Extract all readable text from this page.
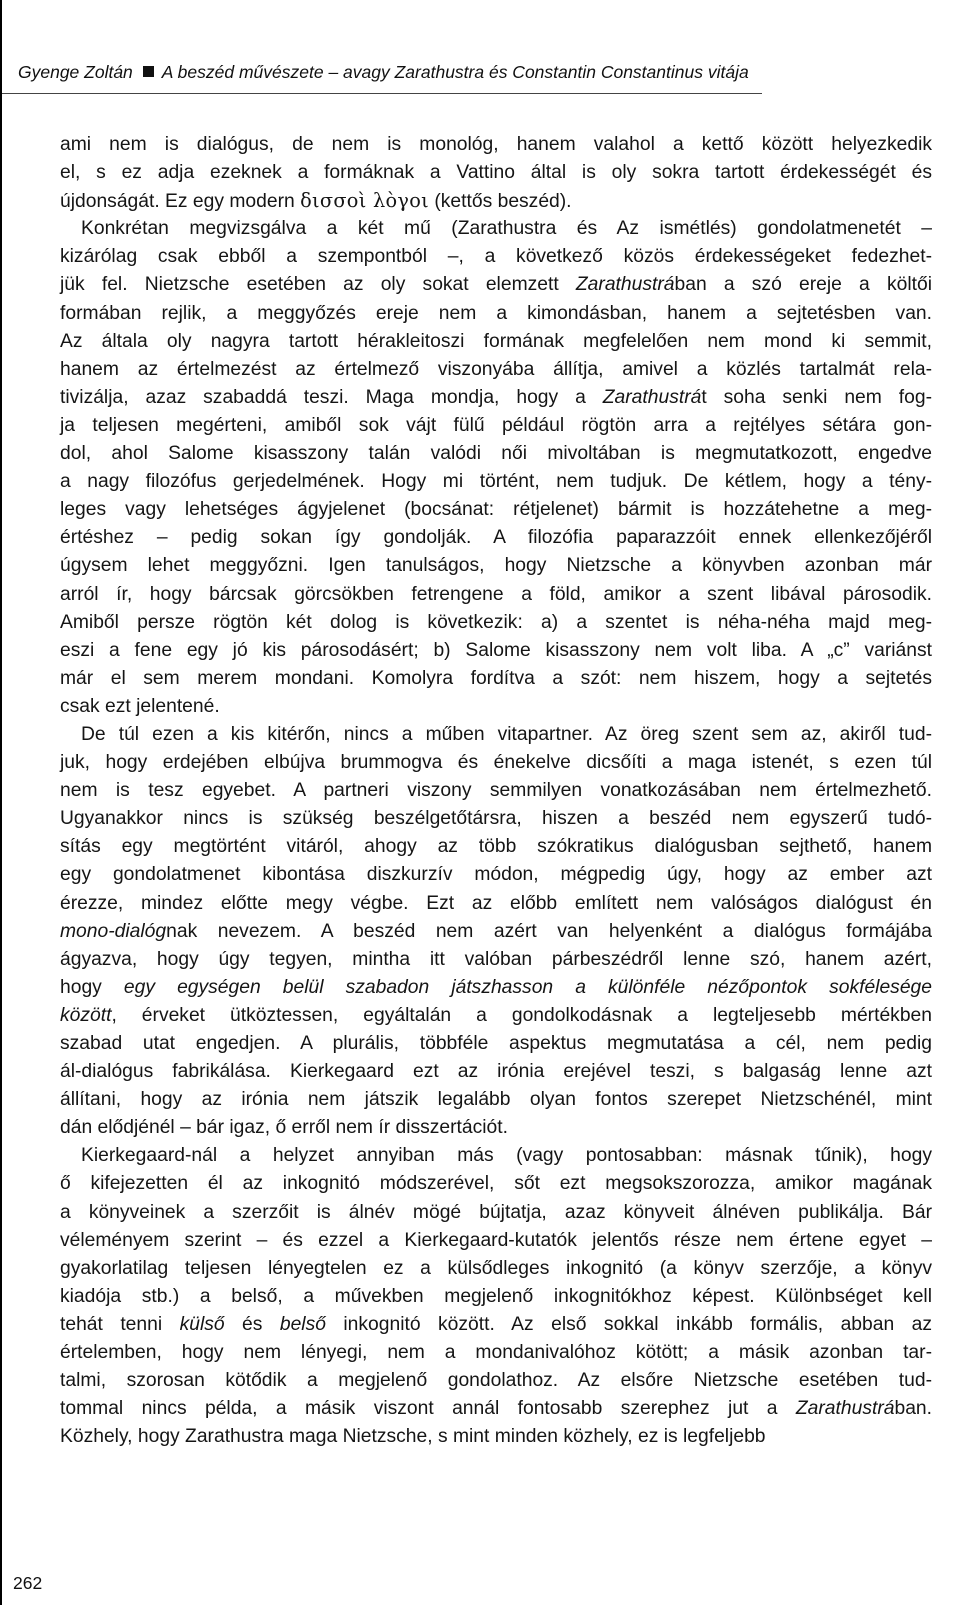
Gyenge Zoltán A beszéd művészete – avagy Zarathustra és Constantin Constantinus vitája
ami nem is dialógus, de nem is monológ, hanem valahol a kettő között helyezkedik
el, s ez adja ezeknek a formáknak a Vattino által is oly sokra tartott érdekességét és
újdonságát. Ez egy modern δισσοὶ λὸγοι (kettős beszéd).
Konkrétan megvizsgálva a két mű (Zarathustra és Az ismétlés) gondolatmenetét –
kizárólag csak ebből a szempontból –, a következő közös érdekességeket fedezhet-
jük fel. Nietzsche esetében az oly sokat elemzett Zarathustrában a szó ereje a költői
formában rejlik, a meggyőzés ereje nem a kimondásban, hanem a sejtetésben van.
Az általa oly nagyra tartott hérakleitoszi formának megfelelően nem mond ki semmit,
hanem az értelmezést az értelmező viszonyába állítja, amivel a közlés tartalmát rela-
tivizálja, azaz szabaddá teszi. Maga mondja, hogy a Zarathustrát soha senki nem fog-
ja teljesen megérteni, amiből sok vájt fülű például rögtön arra a rejtélyes sétára gon-
dol, ahol Salome kisasszony talán valódi női mivoltában is megmutatkozott, engedve
a nagy filozófus gerjedelmének. Hogy mi történt, nem tudjuk. De kétlem, hogy a tény-
leges vagy lehetséges ágyjelenet (bocsánat: rétjelenet) bármit is hozzátehetne a meg-
értéshez – pedig sokan így gondolják. A filozófia paparazzóit ennek ellenkezőjéről
úgysem lehet meggyőzni. Igen tanulságos, hogy Nietzsche a könyvben azonban már
arról ír, hogy bárcsak görcsökben fetrengene a föld, amikor a szent libával párosodik.
Amiből persze rögtön két dolog is következik: a) a szentet is néha-néha majd meg-
eszi a fene egy jó kis párosodásért; b) Salome kisasszony nem volt liba. A „c” variánst
már el sem merem mondani. Komolyra fordítva a szót: nem hiszem, hogy a sejtetés
csak ezt jelentené.
De túl ezen a kis kitérőn, nincs a műben vitapartner. Az öreg szent sem az, akiről tud-
juk, hogy erdejében elbújva brummogva és énekelve dicsőíti a maga istenét, s ezen túl
nem is tesz egyebet. A partneri viszony semmilyen vonatkozásában nem értelmezhető.
Ugyanakkor nincs is szükség beszélgetőtársra, hiszen a beszéd nem egyszerű tudó-
sítás egy megtörtént vitáról, ahogy az több szókratikus dialógusban sejthető, hanem
egy gondolatmenet kibontása diszkurzív módon, mégpedig úgy, hogy az ember azt
érezze, mindez előtte megy végbe. Ezt az előbb említett nem valóságos dialógust én
mono-dialógnak nevezem. A beszéd nem azért van helyenként a dialógus formájába
ágyazva, hogy úgy tegyen, mintha itt valóban párbeszédről lenne szó, hanem azért,
hogy egy egységen belül szabadon játszhasson a különféle nézőpontok sokfélesége
között, érveket ütköztessen, egyáltalán a gondolkodásnak a legteljesebb mértékben
szabad utat engedjen. A plurális, többféle aspektus megmutatása a cél, nem pedig
ál-dialógus fabrikálása. Kierkegaard ezt az irónia erejével teszi, s balgaság lenne azt
állítani, hogy az irónia nem játszik legalább olyan fontos szerepet Nietzschénél, mint
dán elődjénél – bár igaz, ő erről nem ír disszertációt.
Kierkegaard-nál a helyzet annyiban más (vagy pontosabban: másnak tűnik), hogy
ő kifejezetten él az inkognitó módszerével, sőt ezt megsokszorozza, amikor magának
a könyveinek a szerzőit is álnév mögé bújtatja, azaz könyveit álnéven publikálja. Bár
véleményem szerint – és ezzel a Kierkegaard-kutatók jelentős része nem értene egyet –
gyakorlatilag teljesen lényegtelen ez a külsődleges inkognitó (a könyv szerzője, a könyv
kiadója stb.) a belső, a művekben megjelenő inkognitókhoz képest. Különbséget kell
tehát tenni külső és belső inkognitó között. Az első sokkal inkább formális, abban az
értelemben, hogy nem lényegi, nem a mondanivalóhoz kötött; a másik azonban tar-
talmi, szorosan kötődik a megjelenő gondolathoz. Az elsőre Nietzsche esetében tud-
tommal nincs példa, a másik viszont annál fontosabb szerephez jut a Zarathustrában.
Közhely, hogy Zarathustra maga Nietzsche, s mint minden közhely, ez is legfeljebb
262
